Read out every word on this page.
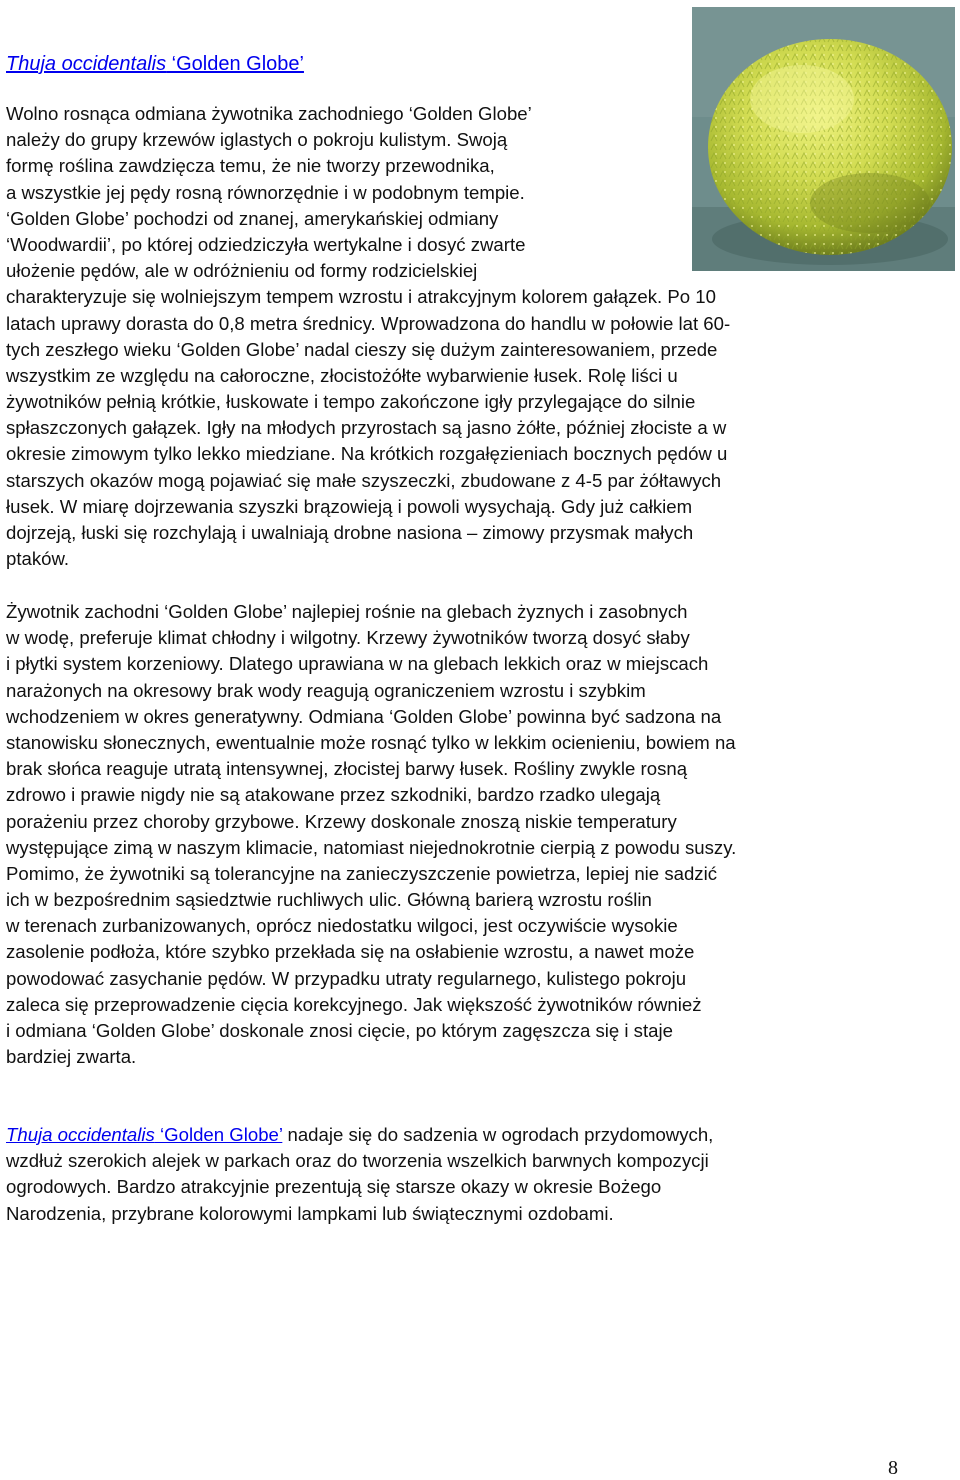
Thuja occidentalis ‘Golden Globe’
Wolno rosnąca odmiana żywotnika zachodniego ‘Golden Globe’
należy do grupy krzewów iglastych o pokroju kulistym. Swoją
formę roślina zawdzięcza temu, że nie tworzy przewodnika,
a wszystkie jej pędy rosną równorzędnie i w podobnym tempie.
‘Golden Globe’ pochodzi od znanej, amerykańskiej odmiany
‘Woodwardii’, po której odziedziczyła wertykalne i dosyć zwarte
ułożenie pędów, ale w odróżnieniu od formy rodzicielskiej
charakteryzuje się wolniejszym tempem wzrostu i atrakcyjnym kolorem gałązek. Po 10
latach uprawy dorasta do 0,8 metra średnicy. Wprowadzona do handlu w połowie lat 60-
tych zeszłego wieku ‘Golden Globe’ nadal cieszy się dużym zainteresowaniem, przede
wszystkim ze względu na całoroczne, złocistożółte wybarwienie łusek. Rolę liści u
żywotników pełnią krótkie, łuskowate i tempo zakończone igły przylegające do silnie
spłaszczonych gałązek. Igły na młodych przyrostach są jasno żółte, później złociste a w
okresie zimowym tylko lekko miedziane. Na krótkich rozgałęzieniach bocznych pędów u
starszych okazów mogą pojawiać się małe szyszeczki, zbudowane z 4-5 par żółtawych
łusek. W miarę dojrzewania szyszki brązowieją i powoli wysychają. Gdy już całkiem
dojrzeją, łuski się rozchylają i uwalniają drobne nasiona – zimowy przysmak małych
ptaków.
Żywotnik zachodni ‘Golden Globe’ najlepiej rośnie na glebach żyznych i zasobnych
w wodę, preferuje klimat chłodny i wilgotny. Krzewy żywotników tworzą dosyć słaby
i płytki system korzeniowy. Dlatego uprawiana w na glebach lekkich oraz w miejscach
narażonych na okresowy brak wody reagują ograniczeniem wzrostu i szybkim
wchodzeniem w okres generatywny. Odmiana ‘Golden Globe’ powinna być sadzona na
stanowisku słonecznych, ewentualnie może rosnąć tylko w lekkim ocienieniu, bowiem na
brak słońca reaguje utratą intensywnej, złocistej barwy łusek. Rośliny zwykle rosną
zdrowo i prawie nigdy nie są atakowane przez szkodniki, bardzo rzadko ulegają
porażeniu przez choroby grzybowe. Krzewy doskonale znoszą niskie temperatury
występujące zimą w naszym klimacie, natomiast niejednokrotnie cierpią z powodu suszy.
Pomimo, że żywotniki są tolerancyjne na zanieczyszczenie powietrza, lepiej nie sadzić
ich w bezpośrednim sąsiedztwie ruchliwych ulic. Główną barierą wzrostu roślin
w terenach zurbanizowanych, oprócz niedostatku wilgoci, jest oczywiście wysokie
zasolenie podłoża, które szybko przekłada się na osłabienie wzrostu, a nawet może
powodować zasychanie pędów. W przypadku utraty regularnego, kulistego pokroju
zaleca się przeprowadzenie cięcia korekcyjnego. Jak większość żywotników również
i odmiana ‘Golden Globe’ doskonale znosi cięcie, po którym zagęszcza się i staje
bardziej zwarta.
Thuja occidentalis ‘Golden Globe’ nadaje się do sadzenia w ogrodach przydomowych,
wzdłuż szerokich alejek w parkach oraz do tworzenia wszelkich barwnych kompozycji
ogrodowych. Bardzo atrakcyjnie prezentują się starsze okazy w okresie Bożego
Narodzenia, przybrane kolorowymi lampkami lub świątecznymi ozdobami.
8
